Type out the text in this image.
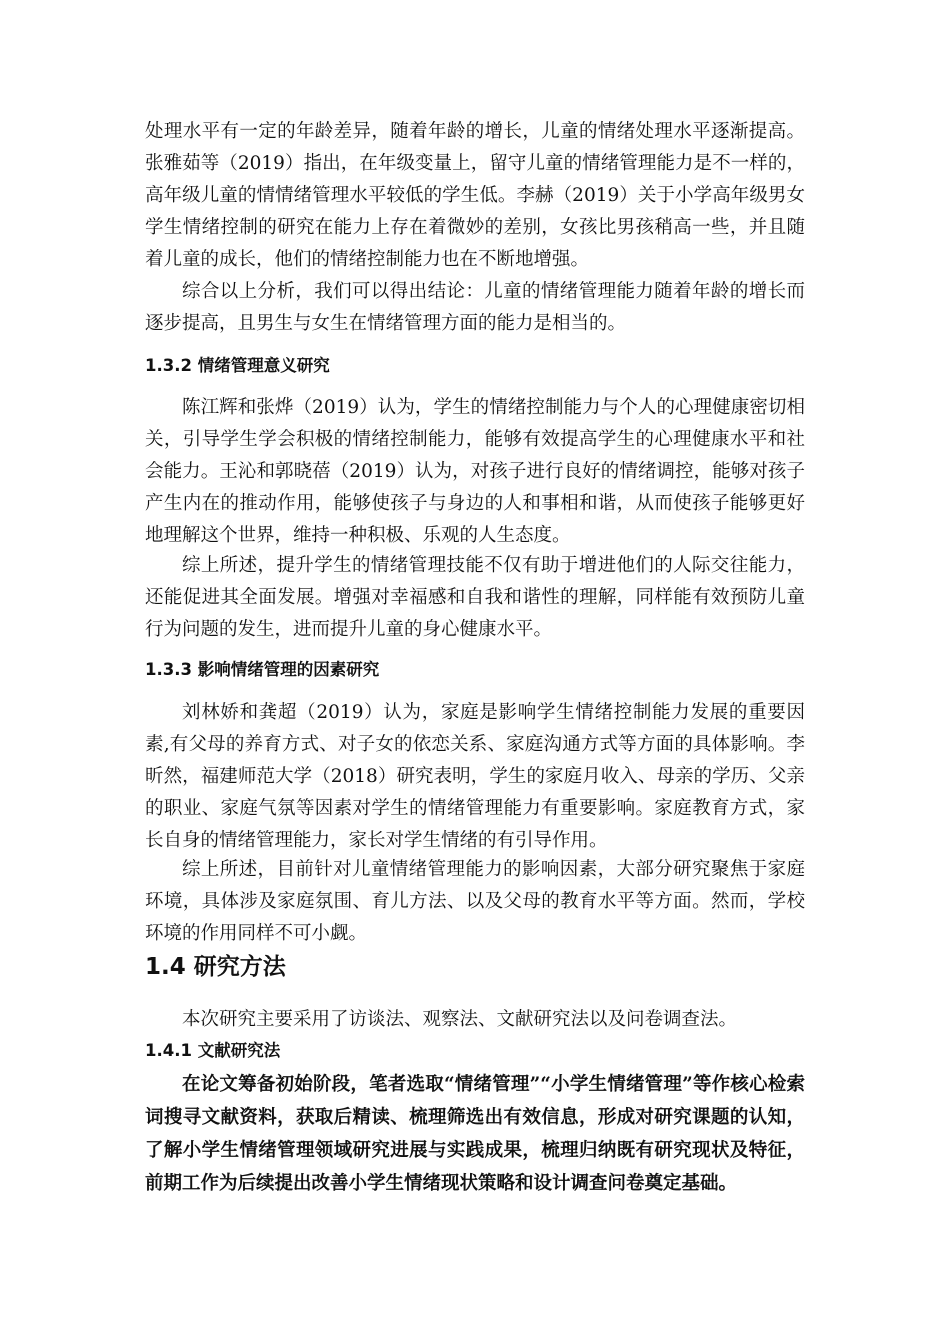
处理水平有一定的年龄差异，随着年龄的增长，儿童的情绪处理水平逐渐提高。张雅茹等（2019）指出，在年级变量上，留守儿童的情绪管理能力是不一样的，高年级儿童的情情绪管理水平较低的学生低。李赫（2019）关于小学高年级男女学生情绪控制的研究在能力上存在着微妙的差别，女孩比男孩稍高一些，并且随着儿童的成长，他们的情绪控制能力也在不断地增强。

综合以上分析，我们可以得出结论：儿童的情绪管理能力随着年龄的增长而逐步提高，且男生与女生在情绪管理方面的能力是相当的。

1.3.2 情绪管理意义研究

陈江辉和张烨（2019）认为，学生的情绪控制能力与个人的心理健康密切相关，引导学生学会积极的情绪控制能力，能够有效提高学生的心理健康水平和社会能力。王沁和郭晓蓓（2019）认为，对孩子进行良好的情绪调控，能够对孩子产生内在的推动作用，能够使孩子与身边的人和事相和谐，从而使孩子能够更好地理解这个世界，维持一种积极、乐观的人生态度。

综上所述，提升学生的情绪管理技能不仅有助于增进他们的人际交往能力，还能促进其全面发展。增强对幸福感和自我和谐性的理解，同样能有效预防儿童行为问题的发生，进而提升儿童的身心健康水平。

1.3.3 影响情绪管理的因素研究

刘林娇和龚超（2019）认为，家庭是影响学生情绪控制能力发展的重要因素,有父母的养育方式、对子女的依恋关系、家庭沟通方式等方面的具体影响。李昕然，福建师范大学（2018）研究表明，学生的家庭月收入、母亲的学历、父亲的职业、家庭气氛等因素对学生的情绪管理能力有重要影响。家庭教育方式，家长自身的情绪管理能力，家长对学生情绪的有引导作用。

综上所述，目前针对儿童情绪管理能力的影响因素，大部分研究聚焦于家庭环境，具体涉及家庭氛围、育儿方法、以及父母的教育水平等方面。然而，学校环境的作用同样不可小觑。

1.4 研究方法

本次研究主要采用了访谈法、观察法、文献研究法以及问卷调查法。

1.4.1 文献研究法

在论文筹备初始阶段，笔者选取“情绪管理”“小学生情绪管理”等作核心检索词搜寻文献资料，获取后精读、梳理筛选出有效信息，形成对研究课题的认知，了解小学生情绪管理领域研究进展与实践成果，梳理归纳既有研究现状及特征，前期工作为后续提出改善小学生情绪现状策略和设计调查问卷奠定基础。
